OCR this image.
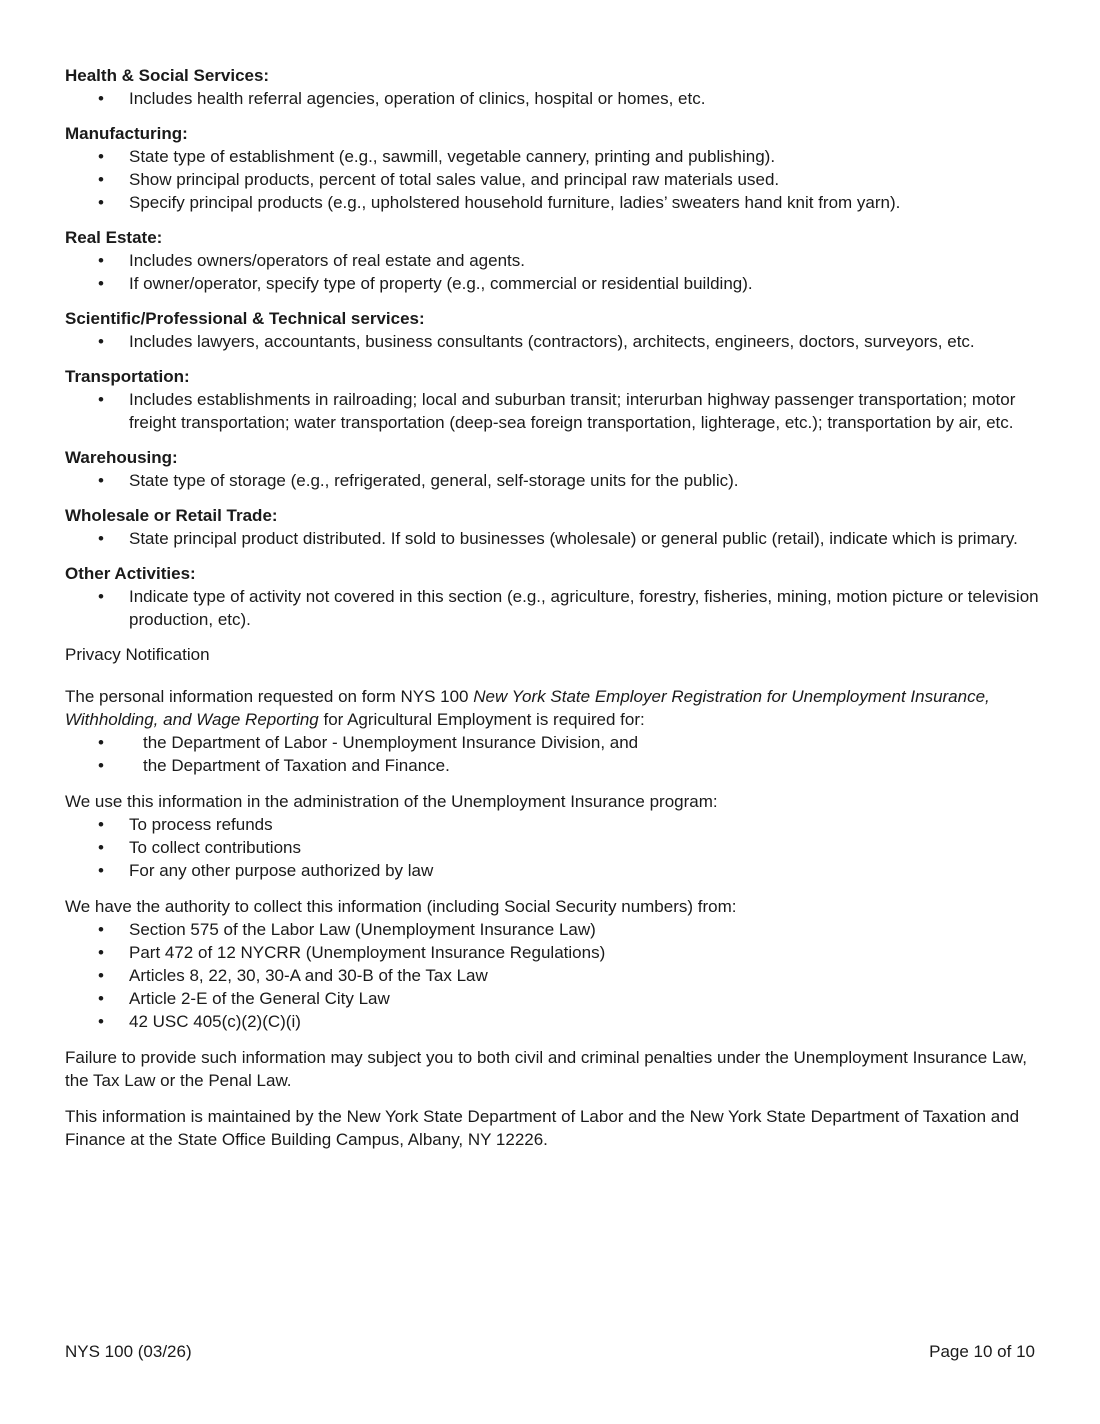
Health & Social Services:

• Includes health referral agencies, operation of clinics, hospital or homes, etc.

Manufacturing:

• State type of establishment (e.g., sawmill, vegetable cannery, printing and publishing).
• Show principal products, percent of total sales value, and principal raw materials used.
• Specify principal products (e.g., upholstered household furniture, ladies’ sweaters hand knit from yarn).

Real Estate:

• Includes owners/operators of real estate and agents.
• If owner/operator, specify type of property (e.g., commercial or residential building).

Scientific/Professional & Technical services:

• Includes lawyers, accountants, business consultants (contractors), architects, engineers, doctors, surveyors, etc.

Transportation:

• Includes establishments in railroading; local and suburban transit; interurban highway passenger transportation; motor freight transportation; water transportation (deep-sea foreign transportation, lighterage, etc.); transportation by air, etc.

Warehousing:

• State type of storage (e.g., refrigerated, general, self-storage units for the public).

Wholesale or Retail Trade:

• State principal product distributed. If sold to businesses (wholesale) or general public (retail), indicate which is primary.

Other Activities:

• Indicate type of activity not covered in this section (e.g., agriculture, forestry, fisheries, mining, motion picture or television production, etc).

Privacy Notification

The personal information requested on form NYS 100 New York State Employer Registration for Unemployment Insurance, Withholding, and Wage Reporting for Agricultural Employment is required for:

• the Department of Labor - Unemployment Insurance Division, and
• the Department of Taxation and Finance.

We use this information in the administration of the Unemployment Insurance program:

• To process refunds
• To collect contributions
• For any other purpose authorized by law

We have the authority to collect this information (including Social Security numbers) from:

• Section 575 of the Labor Law (Unemployment Insurance Law)
• Part 472 of 12 NYCRR (Unemployment Insurance Regulations)
• Articles 8, 22, 30, 30-A and 30-B of the Tax Law
• Article 2-E of the General City Law
• 42 USC 405(c)(2)(C)(i)

Failure to provide such information may subject you to both civil and criminal penalties under the Unemployment Insurance Law, the Tax Law or the Penal Law.

This information is maintained by the New York State Department of Labor and the New York State Department of Taxation and Finance at the State Office Building Campus, Albany, NY 12226.

NYS 100 (03/26)	Page 10 of 10
